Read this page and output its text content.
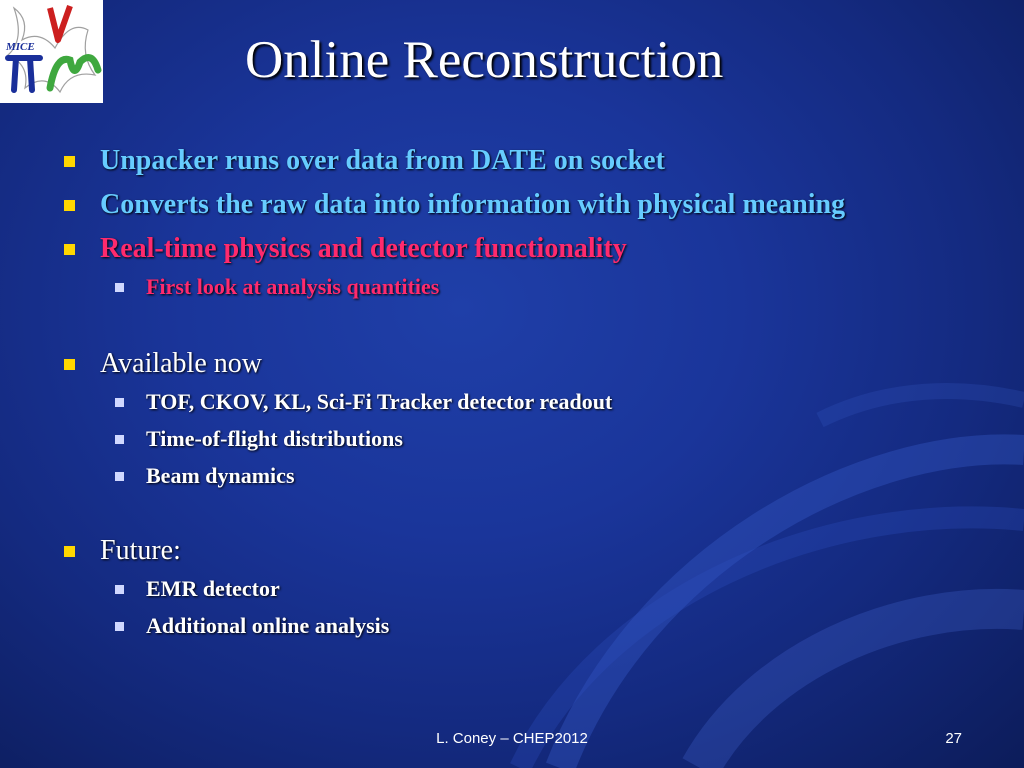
MICE	Online Reconstruction
Unpacker runs over data from DATE on socket
Converts the raw data into information with physical meaning
Real-time physics and detector functionality
First look at analysis quantities
Available now
TOF, CKOV, KL, Sci-Fi Tracker detector readout
Time-of-flight distributions
Beam dynamics
Future:
EMR detector
Additional online analysis
L. Coney – CHEP2012	27
